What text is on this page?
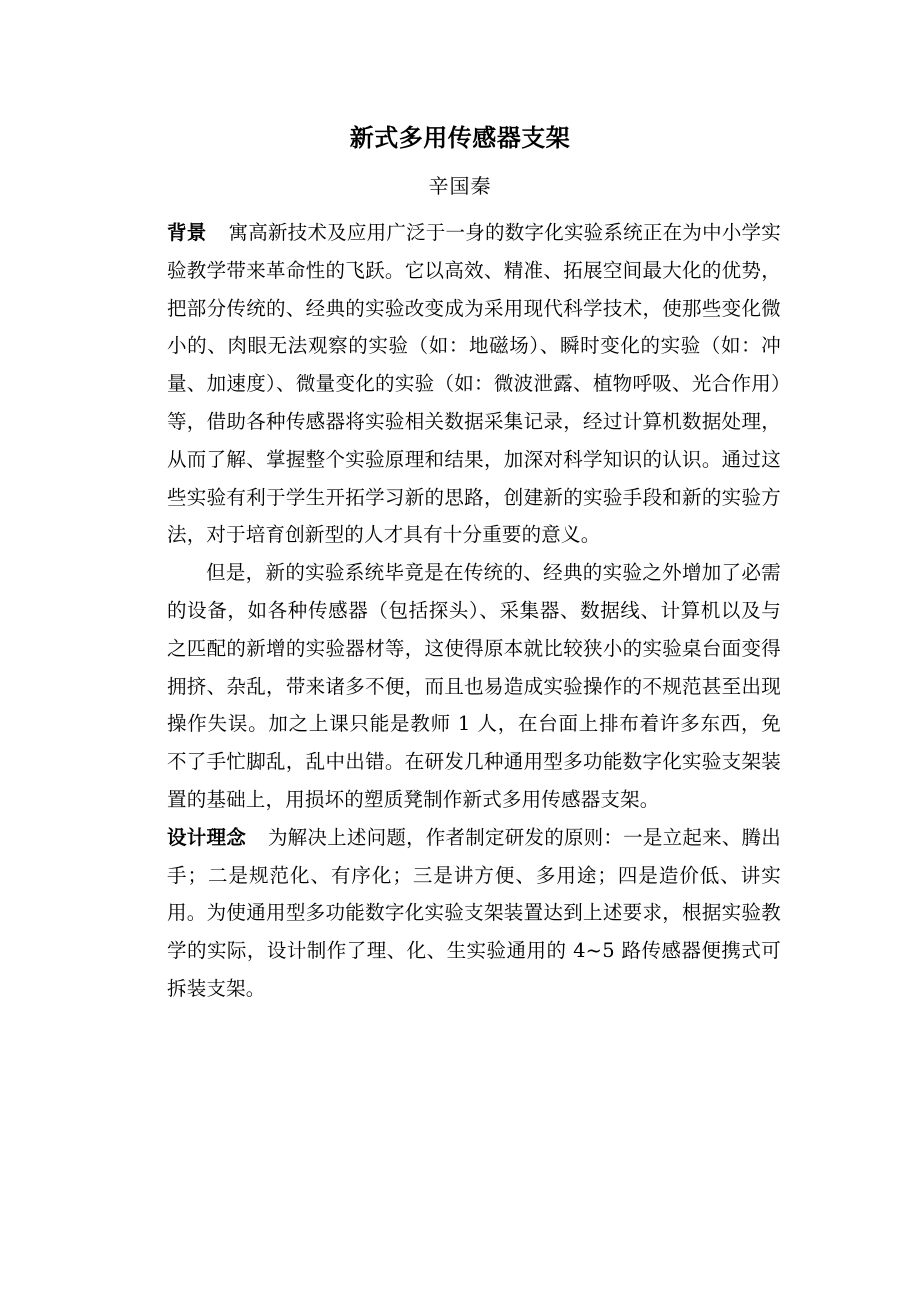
新式多用传感器支架
辛国秦

背景 寓高新技术及应用广泛于一身的数字化实验系统正在为中小学实验教学带来革命性的飞跃。它以高效、精准、拓展空间最大化的优势，把部分传统的、经典的实验改变成为采用现代科学技术，使那些变化微小的、肉眼无法观察的实验（如：地磁场）、瞬时变化的实验（如：冲量、加速度）、微量变化的实验（如：微波泄露、植物呼吸、光合作用）等，借助各种传感器将实验相关数据采集记录，经过计算机数据处理，从而了解、掌握整个实验原理和结果，加深对科学知识的认识。通过这些实验有利于学生开拓学习新的思路，创建新的实验手段和新的实验方法，对于培育创新型的人才具有十分重要的意义。

但是，新的实验系统毕竟是在传统的、经典的实验之外增加了必需的设备，如各种传感器（包括探头）、采集器、数据线、计算机以及与之匹配的新增的实验器材等，这使得原本就比较狭小的实验桌台面变得拥挤、杂乱，带来诸多不便，而且也易造成实验操作的不规范甚至出现操作失误。加之上课只能是教师 1 人，在台面上排布着许多东西，免不了手忙脚乱，乱中出错。在研发几种通用型多功能数字化实验支架装置的基础上，用损坏的塑质凳制作新式多用传感器支架。

设计理念 为解决上述问题，作者制定研发的原则：一是立起来、腾出手；二是规范化、有序化；三是讲方便、多用途；四是造价低、讲实用。为使通用型多功能数字化实验支架装置达到上述要求，根据实验教学的实际，设计制作了理、化、生实验通用的 4~5 路传感器便携式可拆装支架。
